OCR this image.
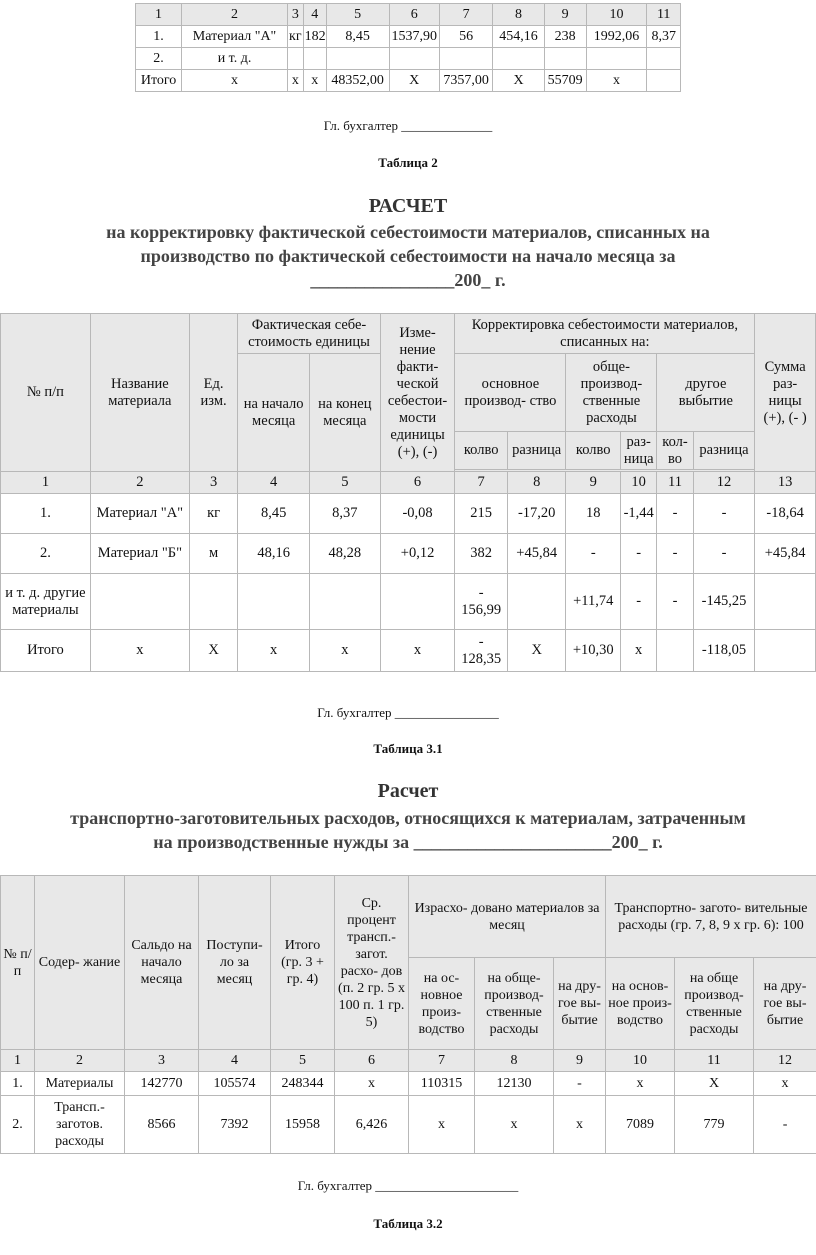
1	2	3	4	5	6	7	8	9	10	11
1.	Материал "А"	кг	182	8,45	1537,90	56	454,16	238	1992,06	8,37
2.	и т. д.									
Итого	х	х	х	48352,00	Х	7357,00	Х	55709	х	
Гл. бухгалтер ______________
Таблица 2
РАСЧЕТ
на корректировку фактической себестоимости материалов, списанных на
производство по фактической себестоимости на начало месяца за
________________200_ г.
№ п/п	Название материала	Ед. изм.	Фактическая себе- стоимость единицы		Изме- нение факти- ческой себестои- мости единицы (+), (-)	Корректировка себестоимости материалов, списанных на:						Сумма раз- ницы (+), (- )
			на начало месяца	на конец месяца		основное производ- ство		обще- производ- ственные расходы		другое выбытие		
						колво	разница	колво	раз- ница	кол- во	разница	

1	2	3	4	5	6	7	8	9	10	11	12	13
1.	Материал "А"	кг	8,45	8,37	-0,08	215	-17,20	18	-1,44	-	-	-18,64
2.	Материал "Б"	м	48,16	48,28	+0,12	382	+45,84	-	-	-	-	+45,84
и т. д. другие материалы						- 156,99		+11,74	-	-	-145,25	
Итого	х	Х	х	х	х	- 128,35	Х	+10,30	х		-118,05	
Гл. бухгалтер ________________
Таблица 3.1
Расчет
транспортно-заготовительных расходов, относящихся к материалам, затраченным
на производственные нужды за ______________________200_ г.
№ п/п	Содер- жание	Сальдо на начало месяца	Поступи- ло за месяц	Итого (гр. 3 + гр. 4)	Ср. процент трансп.- загот. расхо- дов (п. 2 гр. 5 х 100 п. 1 гр. 5)	Израсхо- довано материалов за месяц			Транспортно- загото- вительные расходы (гр. 7, 8, 9 х гр. 6): 100		
						на ос- новное произ- водство	на обще- производ- ственные расходы	на дру- гое вы- бытие	на основ- ное произ- водство	на обще производ- ственные расходы	на дру- гое вы- бытие
1	2	3	4	5	6	7	8	9	10	11	12
1.	Материалы	142770	105574	248344	х	110315	12130	-	х	Х	х
2.	Трансп.- заготов. расходы	8566	7392	15958	6,426	х	х	х	7089	779	-
Гл. бухгалтер ______________________
Таблица 3.2
